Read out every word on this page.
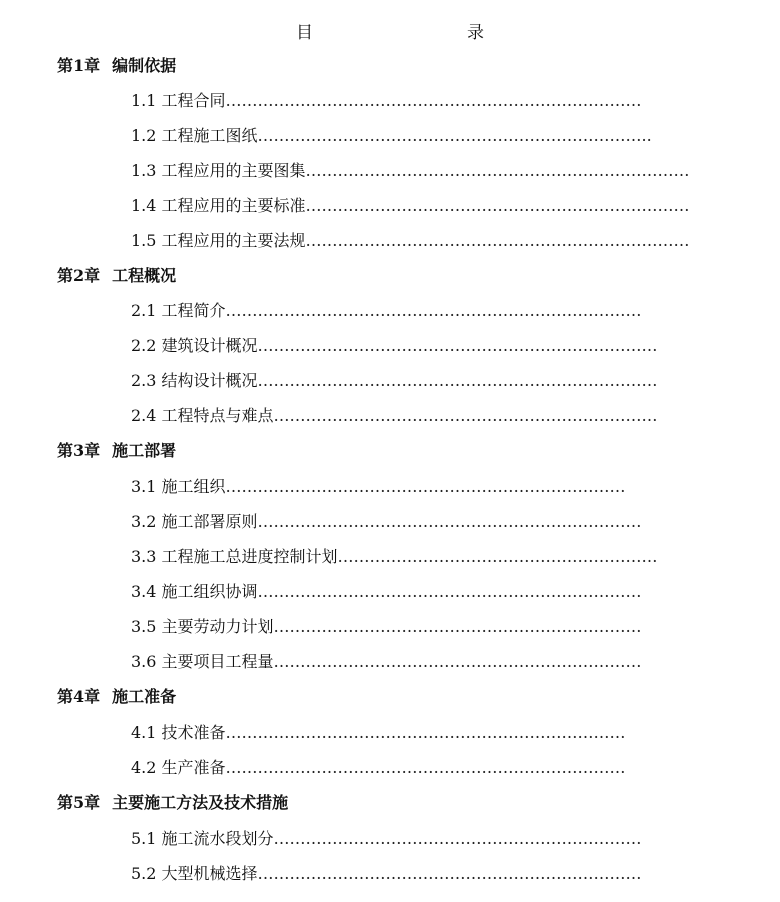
目　　录
第1章 编制依据
1.1 工程合同……………………………………………………………………
1.2 工程施工图纸………………………………………………………………..
1.3 工程应用的主要图集………………………………………………………………
1.4 工程应用的主要标准………………………………………………………………
1.5 工程应用的主要法规………………………………………………………………
第2章 工程概况
2.1 工程简介……………………………………………………………………
2.2 建筑设计概况…………………………………………………………………
2.3 结构设计概况…………………………………………………………………
2.4 工程特点与难点………………………………………………………………
第3章 施工部署
3.1 施工组织…………………………………………………………………
3.2 施工部署原则………………………………………………………………
3.3 工程施工总进度控制计划……………………………………………………
3.4 施工组织协调………………………………………………………………
3.5 主要劳动力计划……………………………………………………………
3.6 主要项目工程量……………………………………………………………
第4章 施工准备
4.1 技术准备…………………………………………………………………
4.2 生产准备…………………………………………………………………
第5章 主要施工方法及技术措施
5.1 施工流水段划分……………………………………………………………
5.2 大型机械选择………………………………………………………………
